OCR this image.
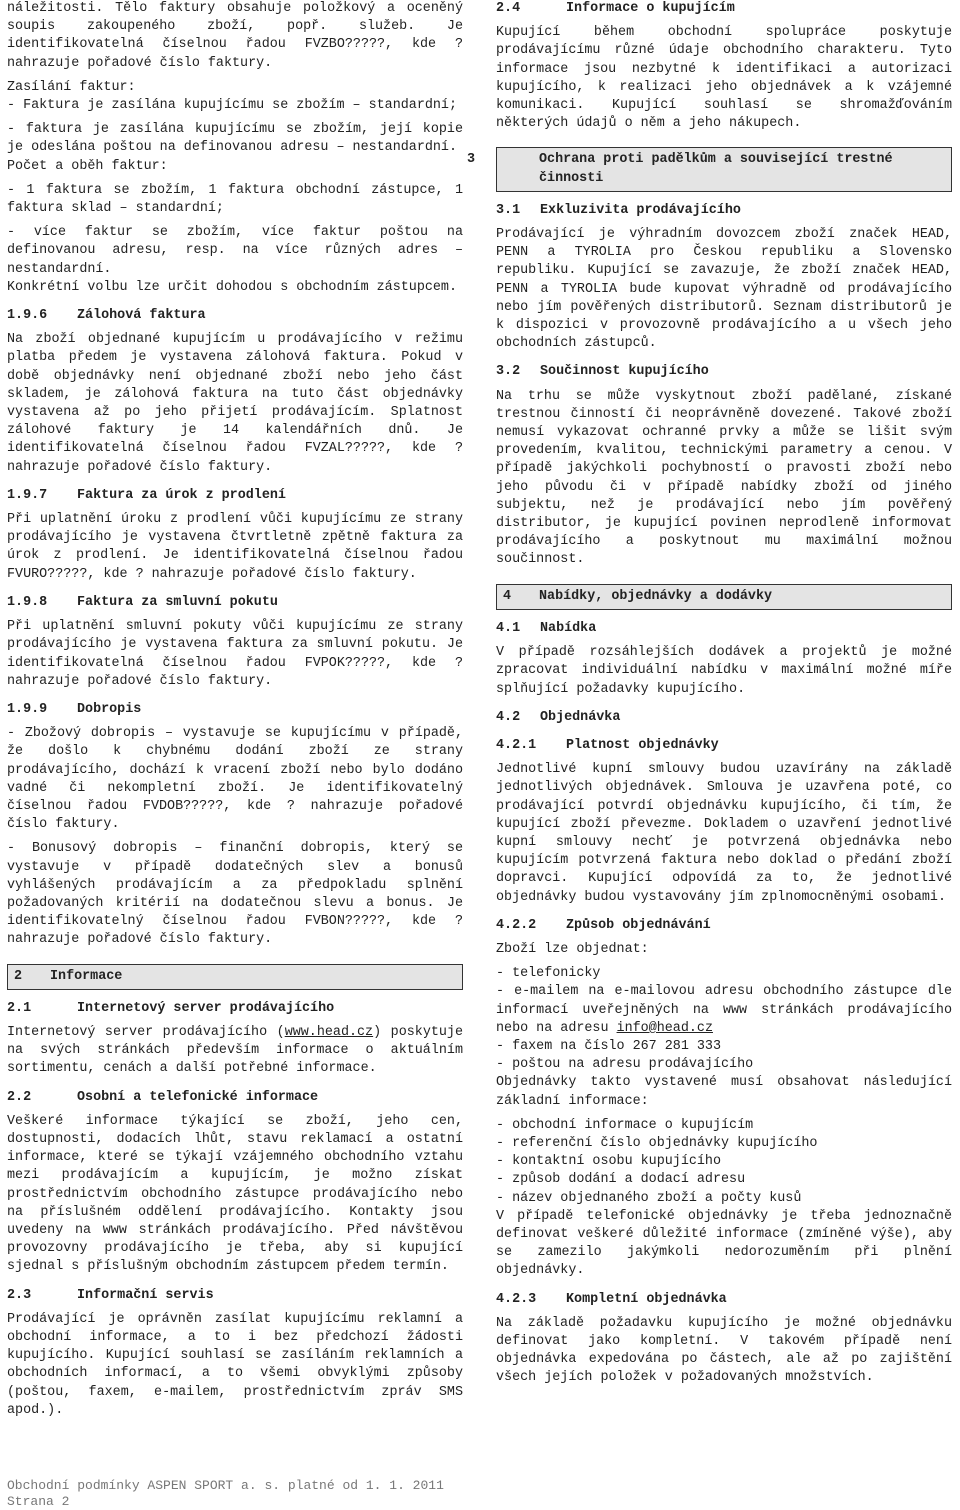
náležitosti. Tělo faktury obsahuje položkový a oceněný soupis zakoupeného zboží, popř. služeb. Je identifikovatelná číselnou řadou FVZBO?????, kde ? nahrazuje pořadové číslo faktury.

Zasílání faktur:

- Faktura je zasílána kupujícímu se zbožím – standardní;

- faktura je zasílána kupujícímu se zbožím, její kopie je odeslána poštou na definovanou adresu – nestandardní.

Počet a oběh faktur:

- 1 faktura se zbožím, 1 faktura obchodní zástupce, 1 faktura sklad – standardní;

- více faktur se zbožím, více faktur poštou na definovanou adresu, resp. na více různých adres – nestandardní.

Konkrétní volbu lze určit dohodou s obchodním zástupcem.

1.9.6 Zálohová faktura

Na zboží objednané kupujícím u prodávajícího v režimu platba předem je vystavena zálohová faktura. Pokud v době objednávky není objednané zboží nebo jeho část skladem, je zálohová faktura na tuto část objednávky vystavena až po jeho přijetí prodávajícím. Splatnost zálohové faktury je 14 kalendářních dnů. Je identifikovatelná číselnou řadou FVZAL?????, kde ? nahrazuje pořadové číslo faktury.

1.9.7 Faktura za úrok z prodlení

Při uplatnění úroku z prodlení vůči kupujícímu ze strany prodávajícího je vystavena čtvrtletně zpětně faktura za úrok z prodlení. Je identifikovatelná číselnou řadou FVURO?????, kde ? nahrazuje pořadové číslo faktury.

1.9.8 Faktura za smluvní pokutu

Při uplatnění smluvní pokuty vůči kupujícímu ze strany prodávajícího je vystavena faktura za smluvní pokutu. Je identifikovatelná číselnou řadou FVPOK?????, kde ? nahrazuje pořadové číslo faktury.

1.9.9 Dobropis

- Zbožový dobropis – vystavuje se kupujícímu v případě, že došlo k chybnému dodání zboží ze strany prodávajícího, dochází k vracení zboží nebo bylo dodáno vadné či nekompletní zboží. Je identifikovatelný číselnou řadou FVDOB?????, kde ? nahrazuje pořadové číslo faktury.

- Bonusový dobropis – finanční dobropis, který se vystavuje v případě dodatečných slev a bonusů vyhlášených prodávajícím a za předpokladu splnění požadovaných kritérií na dodatečnou slevu a bonus. Je identifikovatelný číselnou řadou FVBON?????, kde ? nahrazuje pořadové číslo faktury.

2 Informace
2.1	Internetový server prodávajícího

Internetový server prodávajícího (www.head.cz) poskytuje na svých stránkách především informace o aktuálním sortimentu, cenách a další potřebné informace.

2.2	Osobní a telefonické informace

Veškeré informace týkající se zboží, jeho cen, dostupnosti, dodacích lhůt, stavu reklamací a ostatní informace, které se týkají vzájemného obchodního vztahu mezi prodávajícím a kupujícím, je možno získat prostřednictvím obchodního zástupce prodávajícího nebo na příslušném oddělení prodávajícího. Kontakty jsou uvedeny na www stránkách prodávajícího. Před návštěvou provozovny prodávajícího je třeba, aby si kupující sjednal s příslušným obchodním zástupcem předem termín.

2.3	Informační servis

Prodávající je oprávněn zasílat kupujícímu reklamní a obchodní informace, a to i bez předchozí žádosti kupujícího. Kupující souhlasí se zasíláním reklamních a obchodních informací, a to všemi obvyklými způsoby (poštou, faxem, e-mailem, prostřednictvím zpráv SMS apod.).

2.4	Informace o kupujícím

Kupující během obchodní spolupráce poskytuje prodávajícímu různé údaje obchodního charakteru. Tyto informace jsou nezbytné k identifikaci a autorizaci kupujícího, k realizaci jeho objednávek a k vzájemné komunikaci. Kupující souhlasí se shromažďováním některých údajů o něm a jeho nákupech.

3	Ochrana proti padělkům a související trestné činnosti
3.1 Exkluzivita prodávajícího

Prodávající je výhradním dovozcem zboží značek HEAD, PENN a TYROLIA pro Českou republiku a Slovensko republiku. Kupující se zavazuje, že zboží značek HEAD, PENN a TYROLIA bude kupovat výhradně od prodávajícího nebo jím pověřených distributorů. Seznam distributorů je k dispozici v provozovně prodávajícího a u všech jeho obchodních zástupců.

3.2 Součinnost kupujícího

Na trhu se může vyskytnout zboží padělané, získané trestnou činností či neoprávněně dovezené. Takové zboží nemusí vykazovat ochranné prvky a může se lišit svým provedením, kvalitou, technickými parametry a cenou. V případě jakýchkoli pochybností o pravosti zboží nebo jeho původu či v případě nabídky zboží od jiného subjektu, než je prodávající nebo jím pověřený distributor, je kupující povinen neprodleně informovat prodávajícího a poskytnout mu maximální možnou součinnost.

4 Nabídky, objednávky a dodávky
4.1 Nabídka

V případě rozsáhlejších dodávek a projektů je možné zpracovat individuální nabídku v maximální možné míře splňující požadavky kupujícího.

4.2 Objednávka
4.2.1 Platnost objednávky

Jednotlivé kupní smlouvy budou uzavírány na základě jednotlivých objednávek. Smlouva je uzavřena poté, co prodávající potvrdí objednávku kupujícího, či tím, že kupující zboží převezme. Dokladem o uzavření jednotlivé kupní smlouvy nechť je potvrzená objednávka nebo kupujícím potvrzená faktura nebo doklad o předání zboží dopravci. Kupující odpovídá za to, že jednotlivé objednávky budou vystavovány jím zplnomocněnými osobami.

4.2.2 Způsob objednávání

Zboží lze objednat:

- telefonicky

- e-mailem na e-mailovou adresu obchodního zástupce dle informací uveřejněných na www stránkách prodávajícího nebo na adresu info@head.cz

- faxem na číslo 267 281 333

- poštou na adresu prodávajícího

Objednávky takto vystavené musí obsahovat následující základní informace:

- obchodní informace o kupujícím

- referenční číslo objednávky kupujícího

- kontaktní osobu kupujícího

- způsob dodání a dodací adresu

- název objednaného zboží a počty kusů

V případě telefonické objednávky je třeba jednoznačně definovat veškeré důležité informace (zmíněné výše), aby se zamezilo jakýmkoli nedorozuměním při plnění objednávky.

4.2.3 Kompletní objednávka

Na základě požadavku kupujícího je možné objednávku definovat jako kompletní. V takovém případě není objednávka expedována po částech, ale až po zajištění všech jejích položek v požadovaných množstvích.

Obchodní podmínky ASPEN SPORT a. s. platné od 1. 1. 2011
Strana 2
